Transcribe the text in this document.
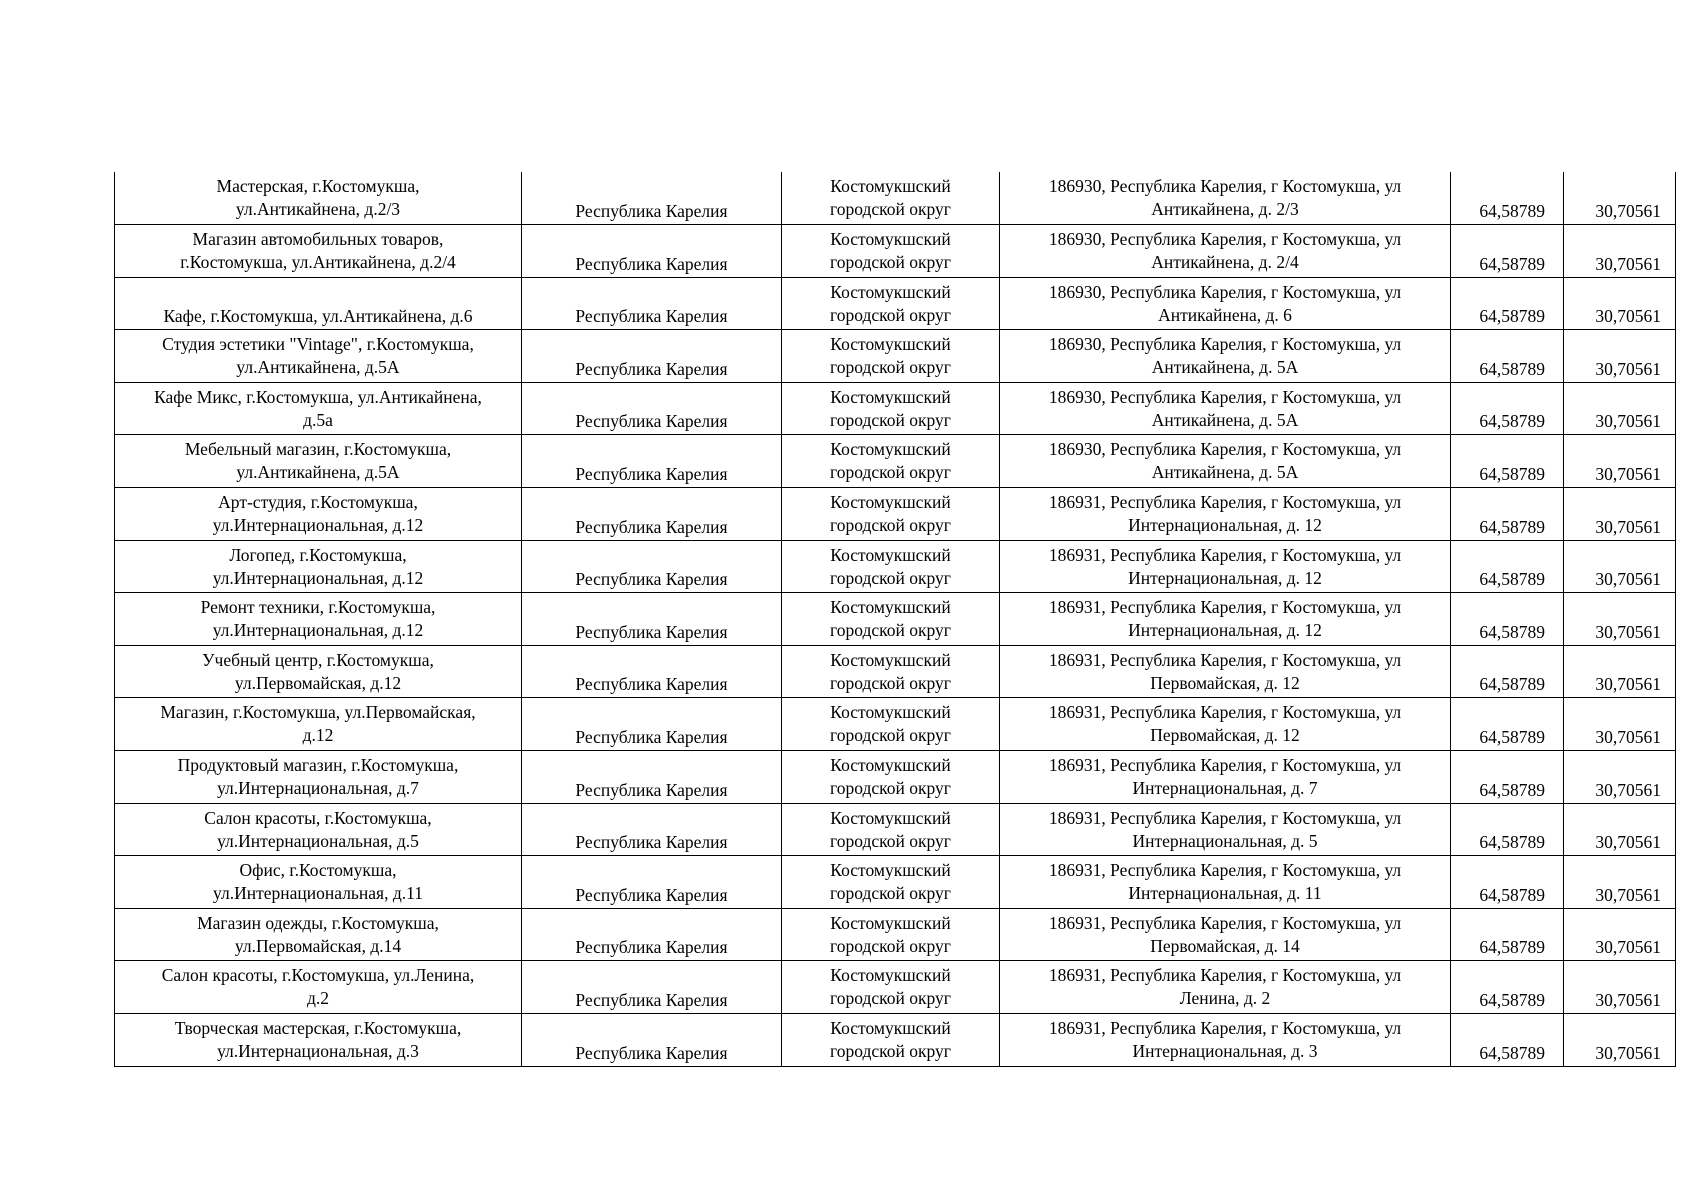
Мастерская, г.Костомукша,
ул.Антикайнена, д.2/3	Республика Карелия	Костомукшский
городской округ	186930, Республика Карелия, г Костомукша, ул
Антикайнена, д. 2/3	64,58789	30,70561

Магазин автомобильных товаров,
г.Костомукша, ул.Антикайнена, д.2/4	Республика Карелия	Костомукшский
городской округ	186930, Республика Карелия, г Костомукша, ул
Антикайнена, д. 2/4	64,58789	30,70561

Кафе, г.Костомукша, ул.Антикайнена, д.6	Республика Карелия	Костомукшский
городской округ	186930, Республика Карелия, г Костомукша, ул
Антикайнена, д. 6	64,58789	30,70561

Студия эстетики "Vintage", г.Костомукша,
ул.Антикайнена, д.5А	Республика Карелия	Костомукшский
городской округ	186930, Республика Карелия, г Костомукша, ул
Антикайнена, д. 5А	64,58789	30,70561

Кафе Микс, г.Костомукша, ул.Антикайнена,
д.5а	Республика Карелия	Костомукшский
городской округ	186930, Республика Карелия, г Костомукша, ул
Антикайнена, д. 5А	64,58789	30,70561

Мебельный магазин, г.Костомукша,
ул.Антикайнена, д.5А	Республика Карелия	Костомукшский
городской округ	186930, Республика Карелия, г Костомукша, ул
Антикайнена, д. 5А	64,58789	30,70561

Арт-студия, г.Костомукша,
ул.Интернациональная, д.12	Республика Карелия	Костомукшский
городской округ	186931, Республика Карелия, г Костомукша, ул
Интернациональная, д. 12	64,58789	30,70561

Логопед, г.Костомукша,
ул.Интернациональная, д.12	Республика Карелия	Костомукшский
городской округ	186931, Республика Карелия, г Костомукша, ул
Интернациональная, д. 12	64,58789	30,70561

Ремонт техники, г.Костомукша,
ул.Интернациональная, д.12	Республика Карелия	Костомукшский
городской округ	186931, Республика Карелия, г Костомукша, ул
Интернациональная, д. 12	64,58789	30,70561

Учебный центр, г.Костомукша,
ул.Первомайская, д.12	Республика Карелия	Костомукшский
городской округ	186931, Республика Карелия, г Костомукша, ул
Первомайская, д. 12	64,58789	30,70561

Магазин, г.Костомукша, ул.Первомайская,
д.12	Республика Карелия	Костомукшский
городской округ	186931, Республика Карелия, г Костомукша, ул
Первомайская, д. 12	64,58789	30,70561

Продуктовый магазин, г.Костомукша,
ул.Интернациональная, д.7	Республика Карелия	Костомукшский
городской округ	186931, Республика Карелия, г Костомукша, ул
Интернациональная, д. 7	64,58789	30,70561

Салон красоты, г.Костомукша,
ул.Интернациональная, д.5	Республика Карелия	Костомукшский
городской округ	186931, Республика Карелия, г Костомукша, ул
Интернациональная, д. 5	64,58789	30,70561

Офис, г.Костомукша,
ул.Интернациональная, д.11	Республика Карелия	Костомукшский
городской округ	186931, Республика Карелия, г Костомукша, ул
Интернациональная, д. 11	64,58789	30,70561

Магазин одежды, г.Костомукша,
ул.Первомайская, д.14	Республика Карелия	Костомукшский
городской округ	186931, Республика Карелия, г Костомукша, ул
Первомайская, д. 14	64,58789	30,70561

Салон красоты, г.Костомукша, ул.Ленина,
д.2	Республика Карелия	Костомукшский
городской округ	186931, Республика Карелия, г Костомукша, ул
Ленина, д. 2	64,58789	30,70561

Творческая мастерская, г.Костомукша,
ул.Интернациональная, д.3	Республика Карелия	Костомукшский
городской округ	186931, Республика Карелия, г Костомукша, ул
Интернациональная, д. 3	64,58789	30,70561
